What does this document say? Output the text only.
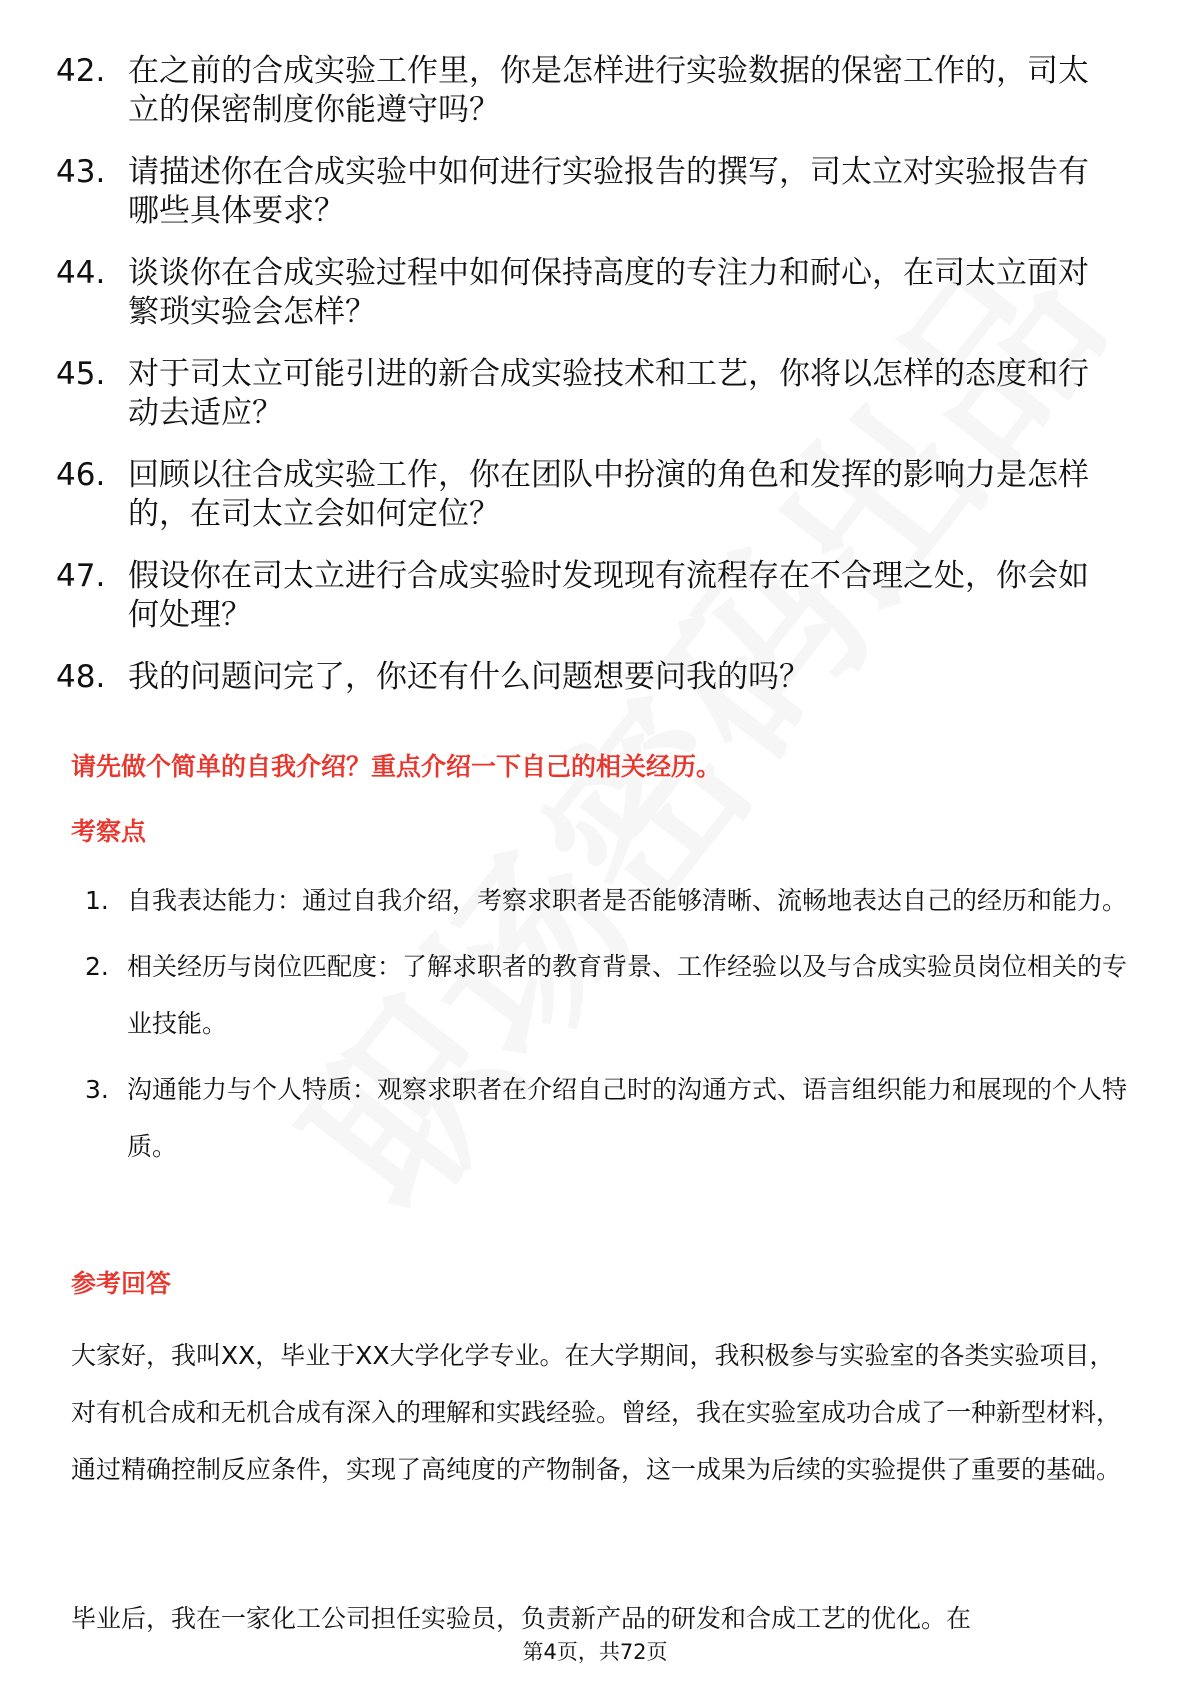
42. 在之前的合成实验工作里，你是怎样进行实验数据的保密工作的，司太立的保密制度你能遵守吗？
43. 请描述你在合成实验中如何进行实验报告的撰写，司太立对实验报告有哪些具体要求？
44. 谈谈你在合成实验过程中如何保持高度的专注力和耐心，在司太立面对繁琐实验会怎样？
45. 对于司太立可能引进的新合成实验技术和工艺，你将以怎样的态度和行动去适应？
46. 回顾以往合成实验工作，你在团队中扮演的角色和发挥的影响力是怎样的，在司太立会如何定位？
47. 假设你在司太立进行合成实验时发现现有流程存在不合理之处，你会如何处理？
48. 我的问题问完了，你还有什么问题想要问我的吗？
请先做个简单的自我介绍？重点介绍一下自己的相关经历。
考察点
1. 自我表达能力：通过自我介绍，考察求职者是否能够清晰、流畅地表达自己的经历和能力。
2. 相关经历与岗位匹配度：了解求职者的教育背景、工作经验以及与合成实验员岗位相关的专业技能。
3. 沟通能力与个人特质：观察求职者在介绍自己时的沟通方式、语言组织能力和展现的个人特质。
参考回答
大家好，我叫XX，毕业于XX大学化学专业。在大学期间，我积极参与实验室的各类实验项目，对有机合成和无机合成有深入的理解和实践经验。曾经，我在实验室成功合成了一种新型材料，通过精确控制反应条件，实现了高纯度的产物制备，这一成果为后续的实验提供了重要的基础。
毕业后，我在一家化工公司担任实验员，负责新产品的研发和合成工艺的优化。在
第4页，共72页
